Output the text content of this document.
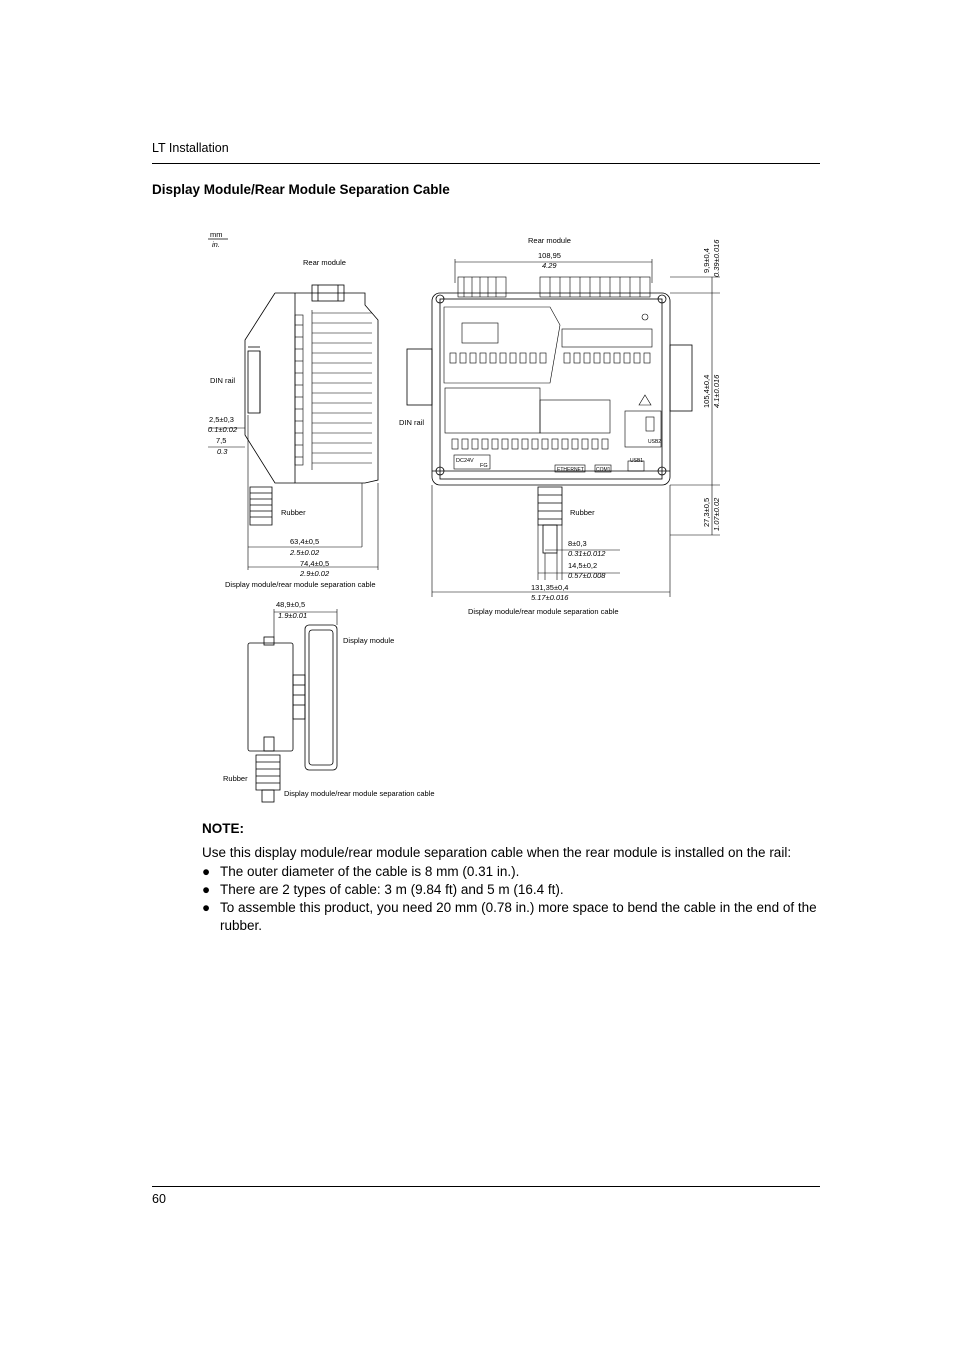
LT Installation
Display Module/Rear Module Separation Cable
mm
in.
Rear module
DIN rail
2,5±0,3
0.1±0.02
7,5
0.3
Rubber
63,4±0,5
2.5±0.02
74,4±0,5
2.9±0.02
Display module/rear module separation cable
Rear module
108,95
4.29
DIN rail
Rubber
8±0,3
0.31±0.012
14,5±0,2
0.57±0.008
131,35±0,4
5.17±0.016
Display module/rear module separation cable
DC24V
FG
ETHERNET COM1
USB1
USB2
9,9±0,4 0.39±0.016
105,4±0,4 4.1±0.016
27,3±0,5 1.07±0.02
48,9±0,5
1.9±0.01
Display module
Rubber
Display module/rear module separation cable
NOTE:
Use this display module/rear module separation cable when the rear module is installed on the rail:
● The outer diameter of the cable is 8 mm (0.31 in.).
● There are 2 types of cable: 3 m (9.84 ft) and 5 m (16.4 ft).
● To assemble this product, you need 20 mm (0.78 in.) more space to bend the cable in the end of the rubber.
60
